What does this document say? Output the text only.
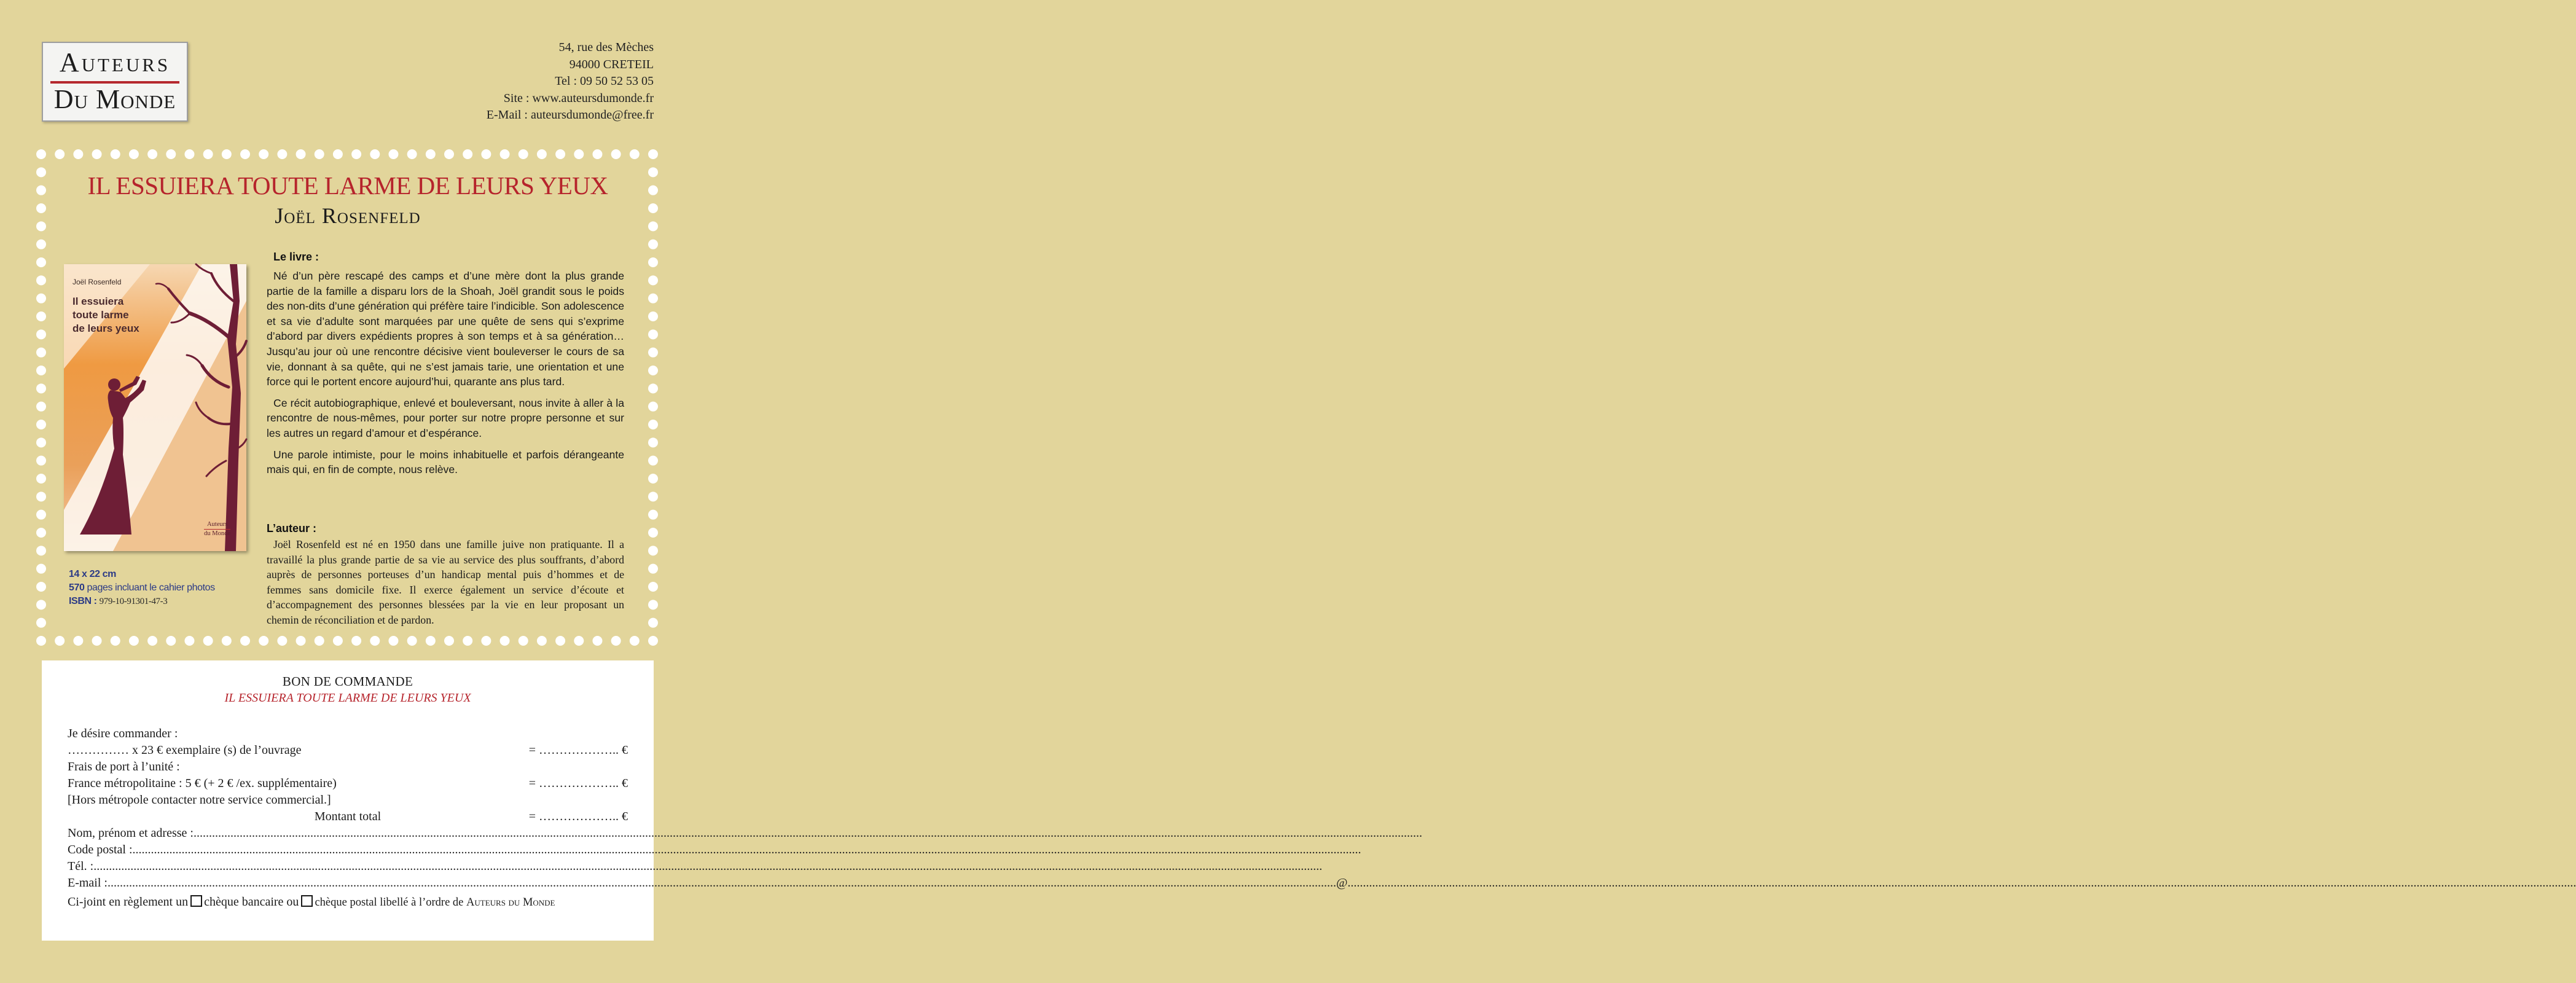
Auteurs
Du Monde
54, rue des Mèches
94000 CRETEIL
Tel : 09 50 52 53 05
Site : www.auteursdumonde.fr
E-Mail : auteursdumonde@free.fr
IL ESSUIERA TOUTE LARME DE LEURS YEUX
Joël Rosenfeld
Joël Rosenfeld
Il essuiera
toute larme
de leurs yeux
Auteurs
du Monde
14 x 22 cm
570 pages incluant le cahier photos
ISBN : 979-10-91301-47-3
Le livre :

Né d’un père rescapé des camps et d’une mère dont la plus grande partie de la famille a disparu lors de la Shoah, Joël grandit sous le poids des non-dits d’une génération qui préfère taire l’indicible. Son adolescence et sa vie d’adulte sont marquées par une quête de sens qui s’exprime d’abord par divers expédients propres à son temps et à sa génération… Jusqu’au jour où une rencontre décisive vient bouleverser le cours de sa vie, donnant à sa quête, qui ne s’est jamais tarie, une orientation et une force qui le portent encore aujourd’hui, quarante ans plus tard.

Ce récit autobiographique, enlevé et bouleversant, nous invite à aller à la rencontre de nous-mêmes, pour porter sur notre propre personne et sur les autres un regard d’amour et d’espérance.

Une parole intimiste, pour le moins inhabituelle et parfois dérangeante mais qui, en fin de compte, nous relève.

L’auteur :
Joël Rosenfeld est né en 1950 dans une famille juive non pratiquante. Il a travaillé la plus grande partie de sa vie au service des plus souffrants, d’abord auprès de personnes porteuses d’un handicap mental puis d’hommes et de femmes sans domicile fixe. Il exerce également un service d’écoute et d’accompagnement des personnes blessées par la vie en leur proposant un chemin de réconciliation et de pardon.
BON DE COMMANDE
IL ESSUIERA TOUTE LARME DE LEURS YEUX
Je désire commander :
…………… x 23 € exemplaire (s) de l’ouvrage	= ……………….. €
Frais de port à l’unité :
France métropolitaine : 5 € (+ 2 € /ex. supplémentaire)	= ……………….. €
[Hors métropole contacter notre service commercial.]
Montant total	= ……………….. €
Nom, prénom et adresse : ................................................................................................................................................................................................................................................................................................................................................................................................................
Code postal : ................................................................................................................................................................................................................................................................................................................................................................................................................
Tél. : ................................................................................................................................................................................................................................................................................................................................................................................................................
E-mail : ................................................................................................................................................................................................................................................................................................................................................................................................................ @ ................................................................................................................................................................................................................................................................................................................................................................................................................
Ci-joint en règlement un chèque bancaire ou chèque postal libellé à l’ordre de Auteurs du Monde
